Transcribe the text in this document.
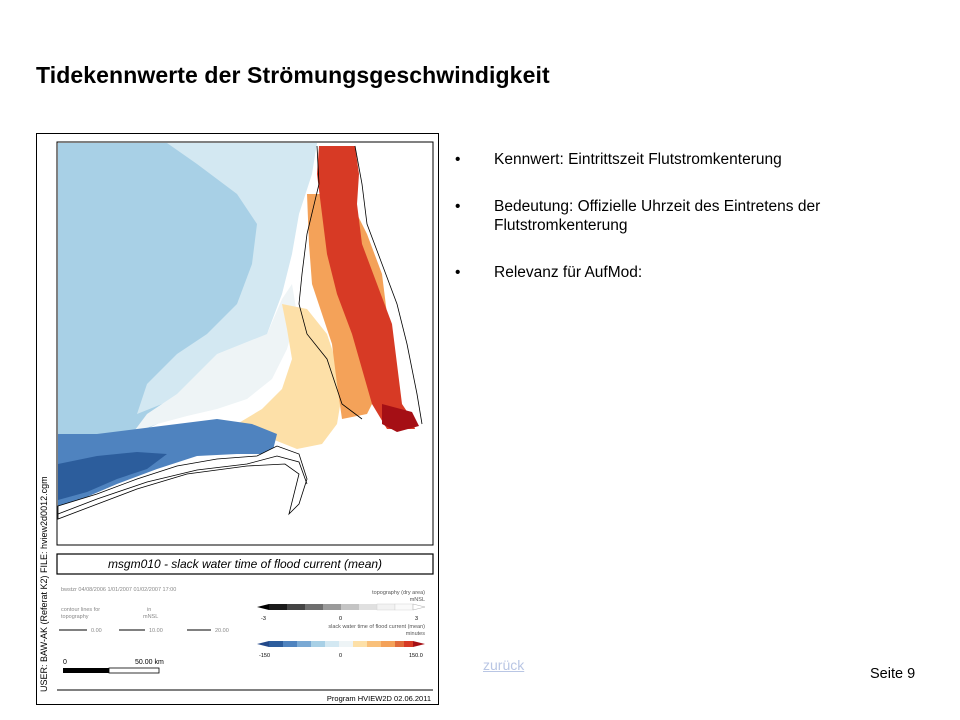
Tidekennwerte der Strömungsgeschwindigkeit
USER: BAW-AK (Referat K2) FILE: hview2d0012.cgm	msgm010 - slack water time of flood current (mean)
bwstzr 04/08/2006 1/01/2007 01/02/2007 17:00
contour lines for
topography
in
mNSL
0.00	10.00	20.00
0	50.00 km
topography (dry area)
mNSL
-3	0	3
slack water time of flood current (mean)
minutes
-150	0	150.0
Program HVIEW2D 02.06.2011
• Kennwert: Eintrittszeit Flutstromkenterung
• Bedeutung: Offizielle Uhrzeit des Eintretens der Flutstromkenterung
• Relevanz für AufMod:
zurück
Seite 9
